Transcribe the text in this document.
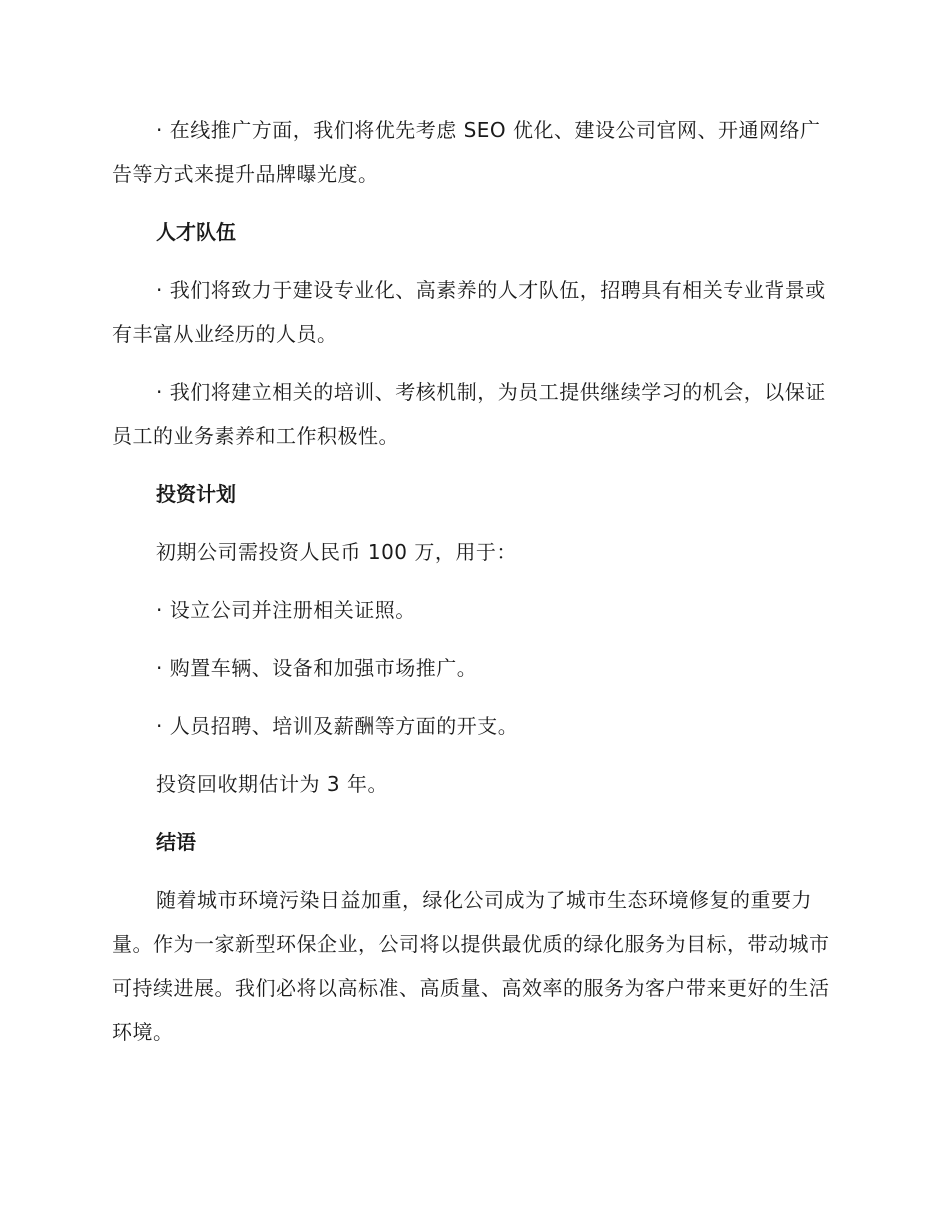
· 在线推广方面，我们将优先考虑 SEO 优化、建设公司官网、开通网络广告等方式来提升品牌曝光度。

人才队伍

· 我们将致力于建设专业化、高素养的人才队伍，招聘具有相关专业背景或有丰富从业经历的人员。

· 我们将建立相关的培训、考核机制，为员工提供继续学习的机会，以保证员工的业务素养和工作积极性。

投资计划

初期公司需投资人民币 100 万，用于：

· 设立公司并注册相关证照。

· 购置车辆、设备和加强市场推广。

· 人员招聘、培训及薪酬等方面的开支。

投资回收期估计为 3 年。

结语

随着城市环境污染日益加重，绿化公司成为了城市生态环境修复的重要力量。作为一家新型环保企业，公司将以提供最优质的绿化服务为目标，带动城市可持续进展。我们必将以高标准、高质量、高效率的服务为客户带来更好的生活环境。
